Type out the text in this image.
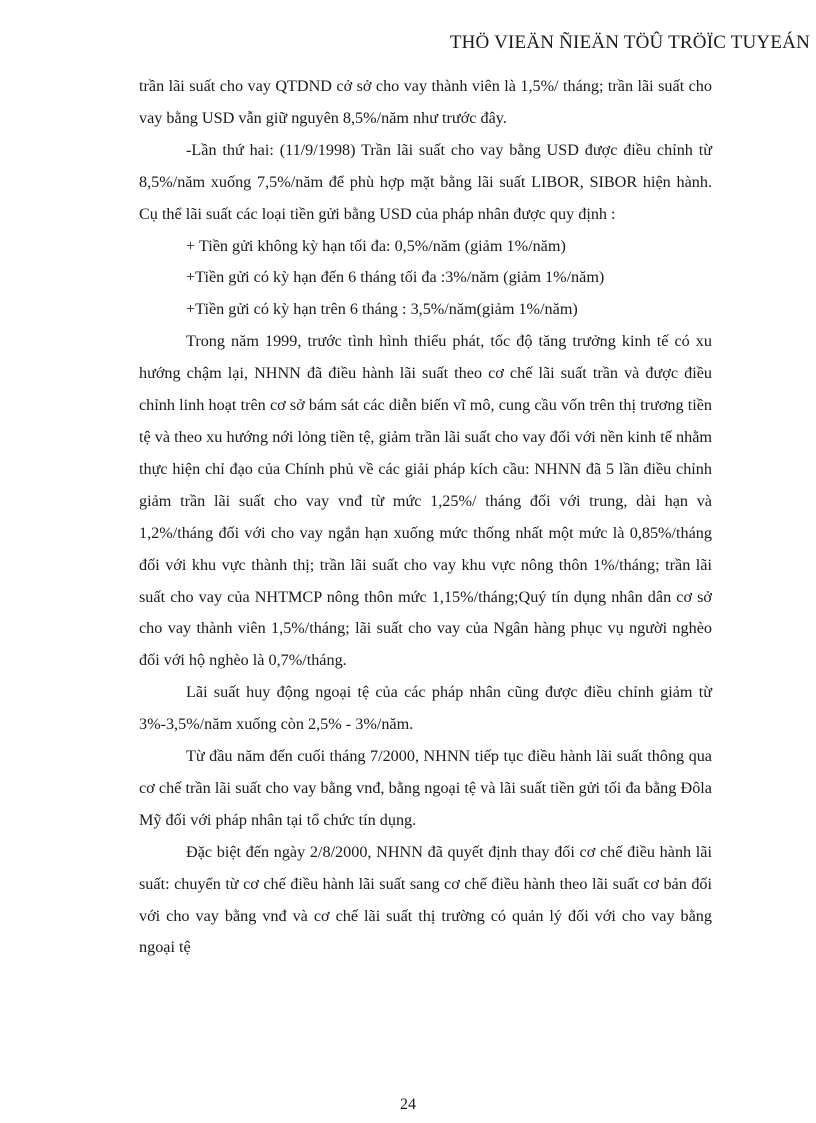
THÖ VIEÄN ÑIEÄN TÖÛ TRÖÏC TUYEÁN

trần lãi suất cho vay QTDND cở sở cho vay thành viên là 1,5%/ tháng; trần lãi suất cho vay bằng USD vẫn giữ nguyên 8,5%/năm như trước đây.

-Lần thứ hai: (11/9/1998) Trần lãi suất cho vay bằng USD được điều chỉnh từ 8,5%/năm xuống 7,5%/năm để phù hợp mặt bằng lãi suất LIBOR, SIBOR hiện hành. Cụ thể lãi suất các loại tiền gửi bằng USD của pháp nhân được quy định :

+ Tiền gửi không kỳ hạn tối đa: 0,5%/năm (giảm 1%/năm)

+Tiền gửi có kỳ hạn đến 6 tháng tối đa :3%/năm (giảm 1%/năm)

+Tiền gửi có kỳ hạn trên 6 tháng : 3,5%/năm(giảm 1%/năm)

Trong năm 1999, trước tình hình thiểu phát, tốc độ tăng trưởng kinh tế có xu hướng chậm lại, NHNN đã điều hành lãi suất theo cơ chế lãi suất trần và được điều chỉnh linh hoạt trên cơ sở bám sát các diễn biến vĩ mô, cung cầu vốn trên thị trương tiền tệ và theo xu hướng nới lỏng tiền tệ, giảm trần lãi suất cho vay đối với nền kinh tế nhằm thực hiện chỉ đạo của Chính phủ về các giải pháp kích cầu: NHNN đã 5 lần điều chỉnh giảm trần lãi suất cho vay vnđ từ mức 1,25%/ tháng đối với trung, dài hạn và 1,2%/tháng đối với cho vay ngắn hạn xuống mức thống nhất một mức là 0,85%/tháng đối với khu vực thành thị; trần lãi suất cho vay khu vực nông thôn 1%/tháng; trần lãi suất cho vay của NHTMCP nông thôn mức 1,15%/tháng;Quý tín dụng nhân dân cơ sở cho vay thành viên 1,5%/tháng; lãi suất cho vay của Ngân hàng phục vụ người nghèo đối với hộ nghèo là 0,7%/tháng.

Lãi suất huy động ngoại tệ của các pháp nhân cũng được điều chỉnh giảm từ 3%-3,5%/năm xuống còn 2,5% - 3%/năm.

Từ đầu năm đến cuối tháng 7/2000, NHNN tiếp tục điều hành lãi suất thông qua cơ chế trần lãi suất cho vay bằng vnđ, bằng ngoại tệ và lãi suất tiền gửi tối đa bằng Đôla Mỹ đối với pháp nhân tại tổ chức tín dụng.

Đặc biệt đến ngày 2/8/2000, NHNN đã quyết định thay đổi cơ chế điều hành lãi suất: chuyển từ cơ chế điều hành lãi suất sang cơ chế điều hành theo lãi suất cơ bản đối với cho vay bằng vnđ và cơ chế lãi suất thị trường có quản lý đối với cho vay bằng ngoại tệ

24
